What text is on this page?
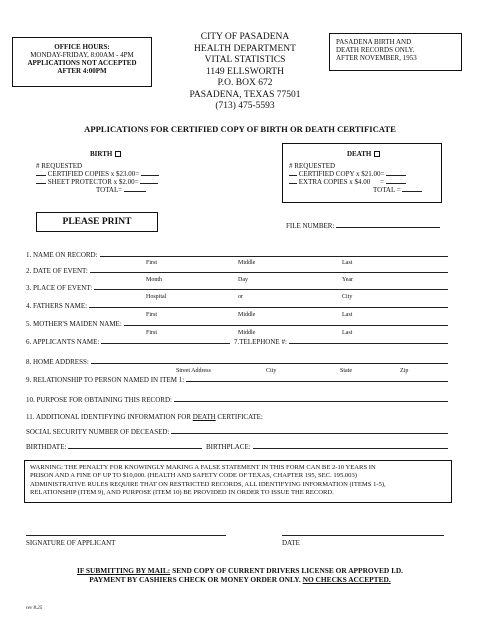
OFFICE HOURS:
MONDAY-FRIDAY, 8:00AM - 4PM
APPLICATIONS NOT ACCEPTED
AFTER 4:00PM
CITY OF PASADENA
HEALTH DEPARTMENT
VITAL STATISTICS
1149 ELLSWORTH
P.O. BOX 672
PASADENA, TEXAS 77501
(713) 475-5593
PASADENA BIRTH AND
DEATH RECORDS ONLY.
AFTER NOVEMBER, 1953
APPLICATIONS FOR CERTIFIED COPY OF BIRTH OR DEATH CERTIFICATE
BIRTH
# REQUESTED
CERTIFIED COPIES x $23.00=
SHEET PROTECTOR x $2.00=
TOTAL=
DEATH
# REQUESTED
CERTIFIED COPY x $21.00=
EXTRA COPIES x $4.00 =
TOTAL =
PLEASE PRINT	FILE NUMBER:
1. NAME ON RECORD:
First	Middle	Last
2. DATE OF EVENT:
Month	Day	Year
3. PLACE OF EVENT:
Hospital	or	City
4. FATHERS NAME:
First	Middle	Last
5. MOTHER'S MAIDEN NAME:
First	Middle	Last
6. APPLICANTS NAME:	7.TELEPHONE #:
8. HOME ADDRESS:
Street Address	City	State	Zip
9. RELATIONSHIP TO PERSON NAMED IN ITEM 1:
10. PURPOSE FOR OBTAINING THIS RECORD:
11. ADDITIONAL IDENTIFYING INFORMATION FOR DEATH CERTIFICATE:
SOCIAL SECURITY NUMBER OF DECEASED:
BIRTHDATE:	BIRTHPLACE:
WARNING: THE PENALTY FOR KNOWINGLY MAKING A FALSE STATEMENT IN THIS FORM CAN BE 2-10 YEARS IN
PRISON AND A FINE OF UP TO $10,000. (HEALTH AND SAFETY CODE OF TEXAS, CHAPTER 195, SEC. 195.003)
ADMINISTRATIVE RULES REQUIRE THAT ON RESTRICTED RECORDS, ALL IDENTIFYING INFORMATION (ITEMS 1-5),
RELATIONSHIP (ITEM 9), AND PURPOSE (ITEM 10) BE PROVIDED IN ORDER TO ISSUE THE RECORD.
SIGNATURE OF APPLICANT	DATE
IF SUBMITTING BY MAIL: SEND COPY OF CURRENT DRIVERS LICENSE OR APPROVED I.D.
PAYMENT BY CASHIERS CHECK OR MONEY ORDER ONLY. NO CHECKS ACCEPTED.
rev 8.25
